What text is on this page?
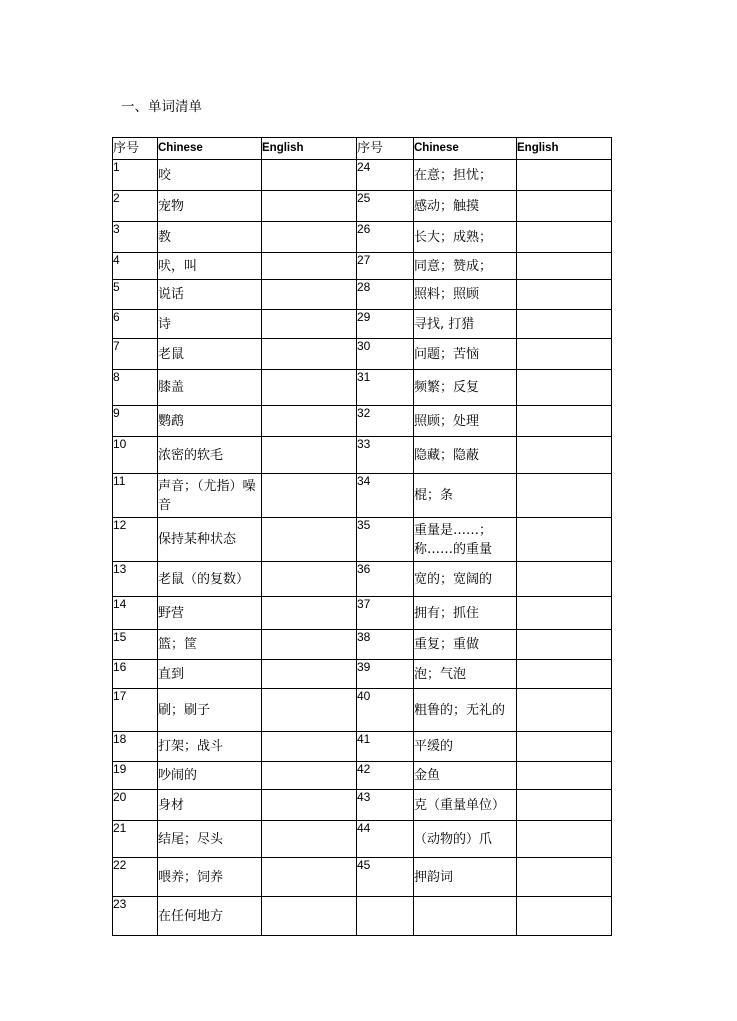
一、单词清单
序号	Chinese	English	序号	Chinese	English
1	咬		24	在意；担忧；	

2	宠物		25	感动；触摸	

3	教		26	长大；成熟；	

4	吠，叫		27	同意；赞成；	

5	说话		28	照料；照顾	

6	诗		29	寻找, 打猎	

7	老鼠		30	问题；苦恼	

8	膝盖		31	频繁；反复	

9	鹦鹉		32	照顾；处理	

10	浓密的软毛		33	隐藏；隐蔽	

11	声音；（尤指）噪音		34	棍；条	

12	保持某种状态		35	重量是……；称……的重量	

13	老鼠（的复数）		36	宽的；宽阔的	

14	野营		37	拥有；抓住	

15	篮；筐		38	重复；重做	

16	直到		39	泡；气泡	

17	刷；刷子		40	粗鲁的；无礼的	

18	打架；战斗		41	平缓的	

19	吵闹的		42	金鱼	

20	身材		43	克（重量单位）	

21	结尾；尽头		44	（动物的）爪	

22	喂养；饲养		45	押韵词	

23	在任何地方				
